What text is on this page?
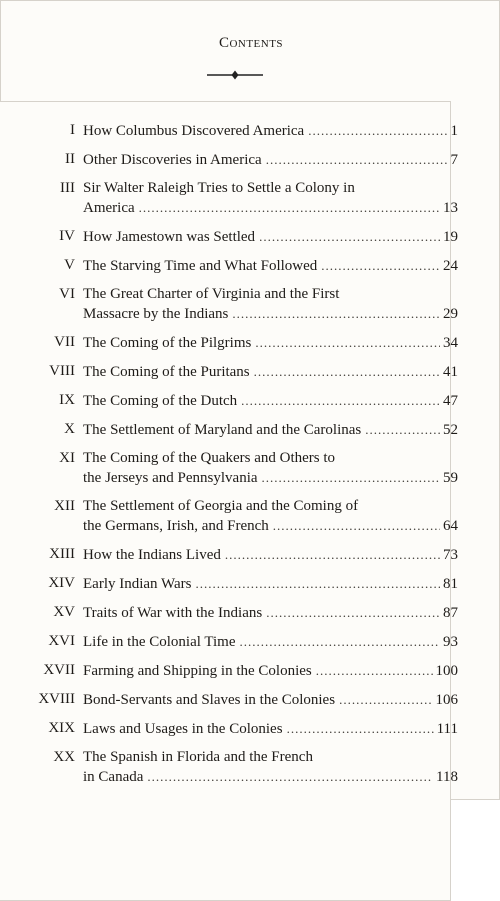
Contents
I How Columbus Discovered America .....	1
II Other Discoveries in America .....	7
III Sir Walter Raleigh Tries to Settle a Colony in
America .....	13
IV How Jamestown was Settled .....	19
V The Starving Time and What Followed .....	24
VI The Great Charter of Virginia and the First
Massacre by the Indians .....	29
VII The Coming of the Pilgrims .....	34
VIII The Coming of the Puritans .....	41
IX The Coming of the Dutch .....	47
X The Settlement of Maryland and the Carolinas .....	52
XI The Coming of the Quakers and Others to
the Jerseys and Pennsylvania .....	59
XII The Settlement of Georgia and the Coming of
the Germans, Irish, and French .....	64
XIII How the Indians Lived .....	73
XIV Early Indian Wars .....	81
XV Traits of War with the Indians .....	87
XVI Life in the Colonial Time .....	93
XVII Farming and Shipping in the Colonies .....	100
XVIII Bond-Servants and Slaves in the Colonies .....	106
XIX Laws and Usages in the Colonies .....	111
XX The Spanish in Florida and the French
in Canada .....	118
